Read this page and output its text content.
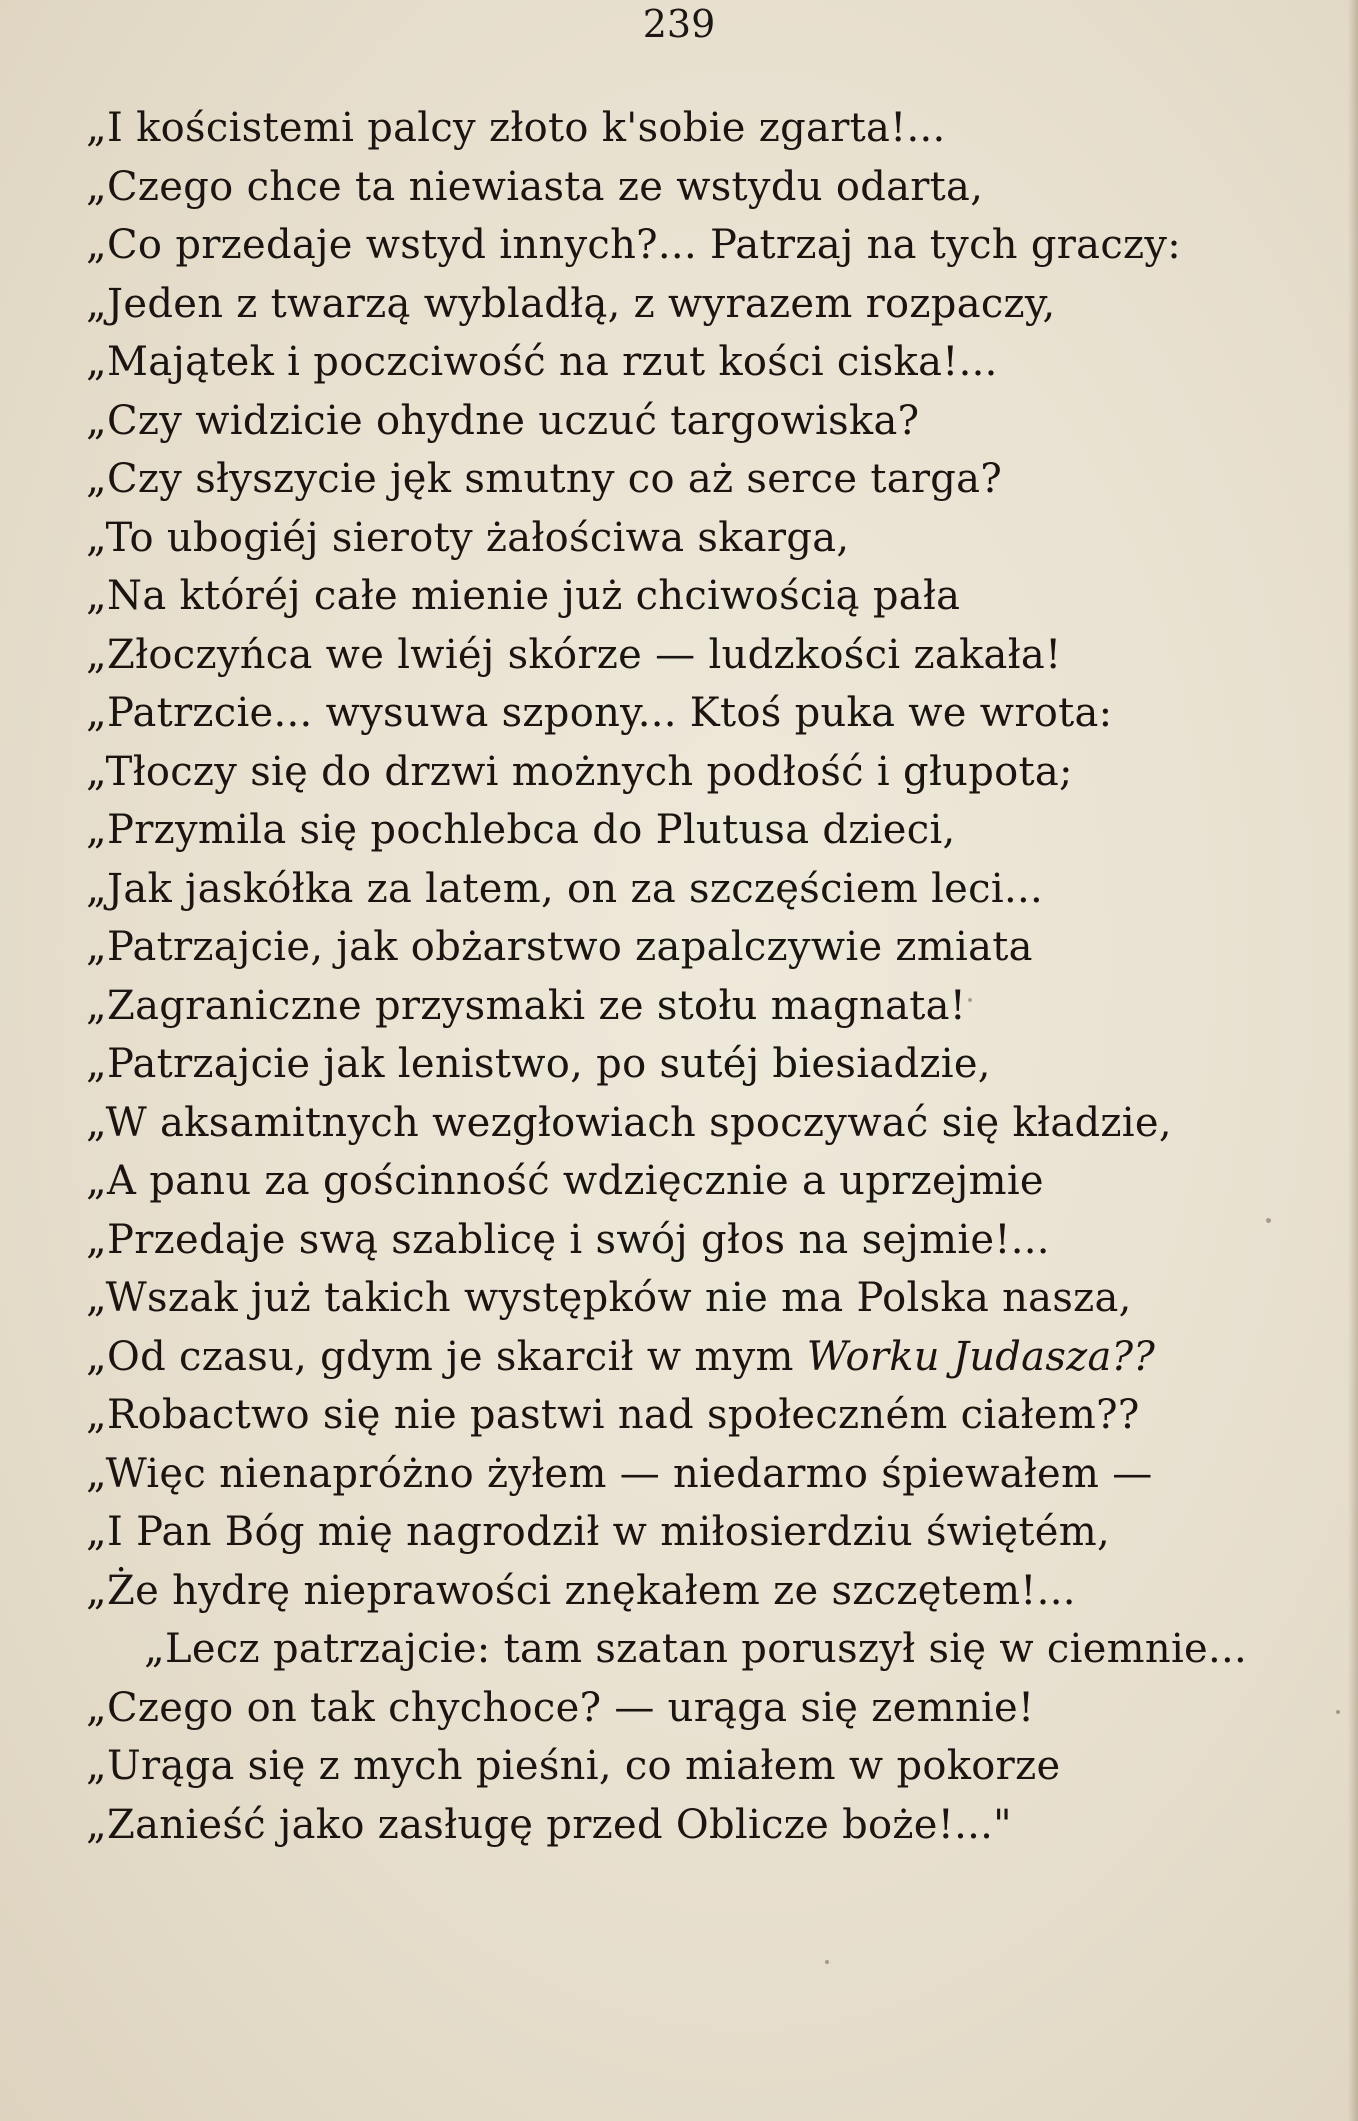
239
„I kościstemi palcy złoto k'sobie zgarta!...
„Czego chce ta niewiasta ze wstydu odarta,
„Co przedaje wstyd innych?... Patrzaj na tych graczy:
„Jeden z twarzą wybladłą, z wyrazem rozpaczy,
„Majątek i poczciwość na rzut kości ciska!...
„Czy widzicie ohydne uczuć targowiska?
„Czy słyszycie jęk smutny co aż serce targa?
„To ubogiéj sieroty żałościwa skarga,
„Na któréj całe mienie już chciwością pała
„Złoczyńca we lwiéj skórze — ludzkości zakała!
„Patrzcie... wysuwa szpony... Ktoś puka we wrota:
„Tłoczy się do drzwi możnych podłość i głupota;
„Przymila się pochlebca do Plutusa dzieci,
„Jak jaskółka za latem, on za szczęściem leci...
„Patrzajcie, jak obżarstwo zapalczywie zmiata
„Zagraniczne przysmaki ze stołu magnata!
„Patrzajcie jak lenistwo, po sutéj biesiadzie,
„W aksamitnych wezgłowiach spoczywać się kładzie,
„A panu za gościnność wdzięcznie a uprzejmie
„Przedaje swą szablicę i swój głos na sejmie!...
„Wszak już takich występków nie ma Polska nasza,
„Od czasu, gdym je skarcił w mym Worku Judasza??
„Robactwo się nie pastwi nad społeczném ciałem??
„Więc nienapróżno żyłem — niedarmo śpiewałem —
„I Pan Bóg mię nagrodził w miłosierdziu świętém,
„Że hydrę nieprawości znękałem ze szczętem!...
„Lecz patrzajcie: tam szatan poruszył się w ciemnie...
„Czego on tak chychoce? — urąga się zemnie!
„Urąga się z mych pieśni, co miałem w pokorze
„Zanieść jako zasługę przed Oblicze boże!..."
